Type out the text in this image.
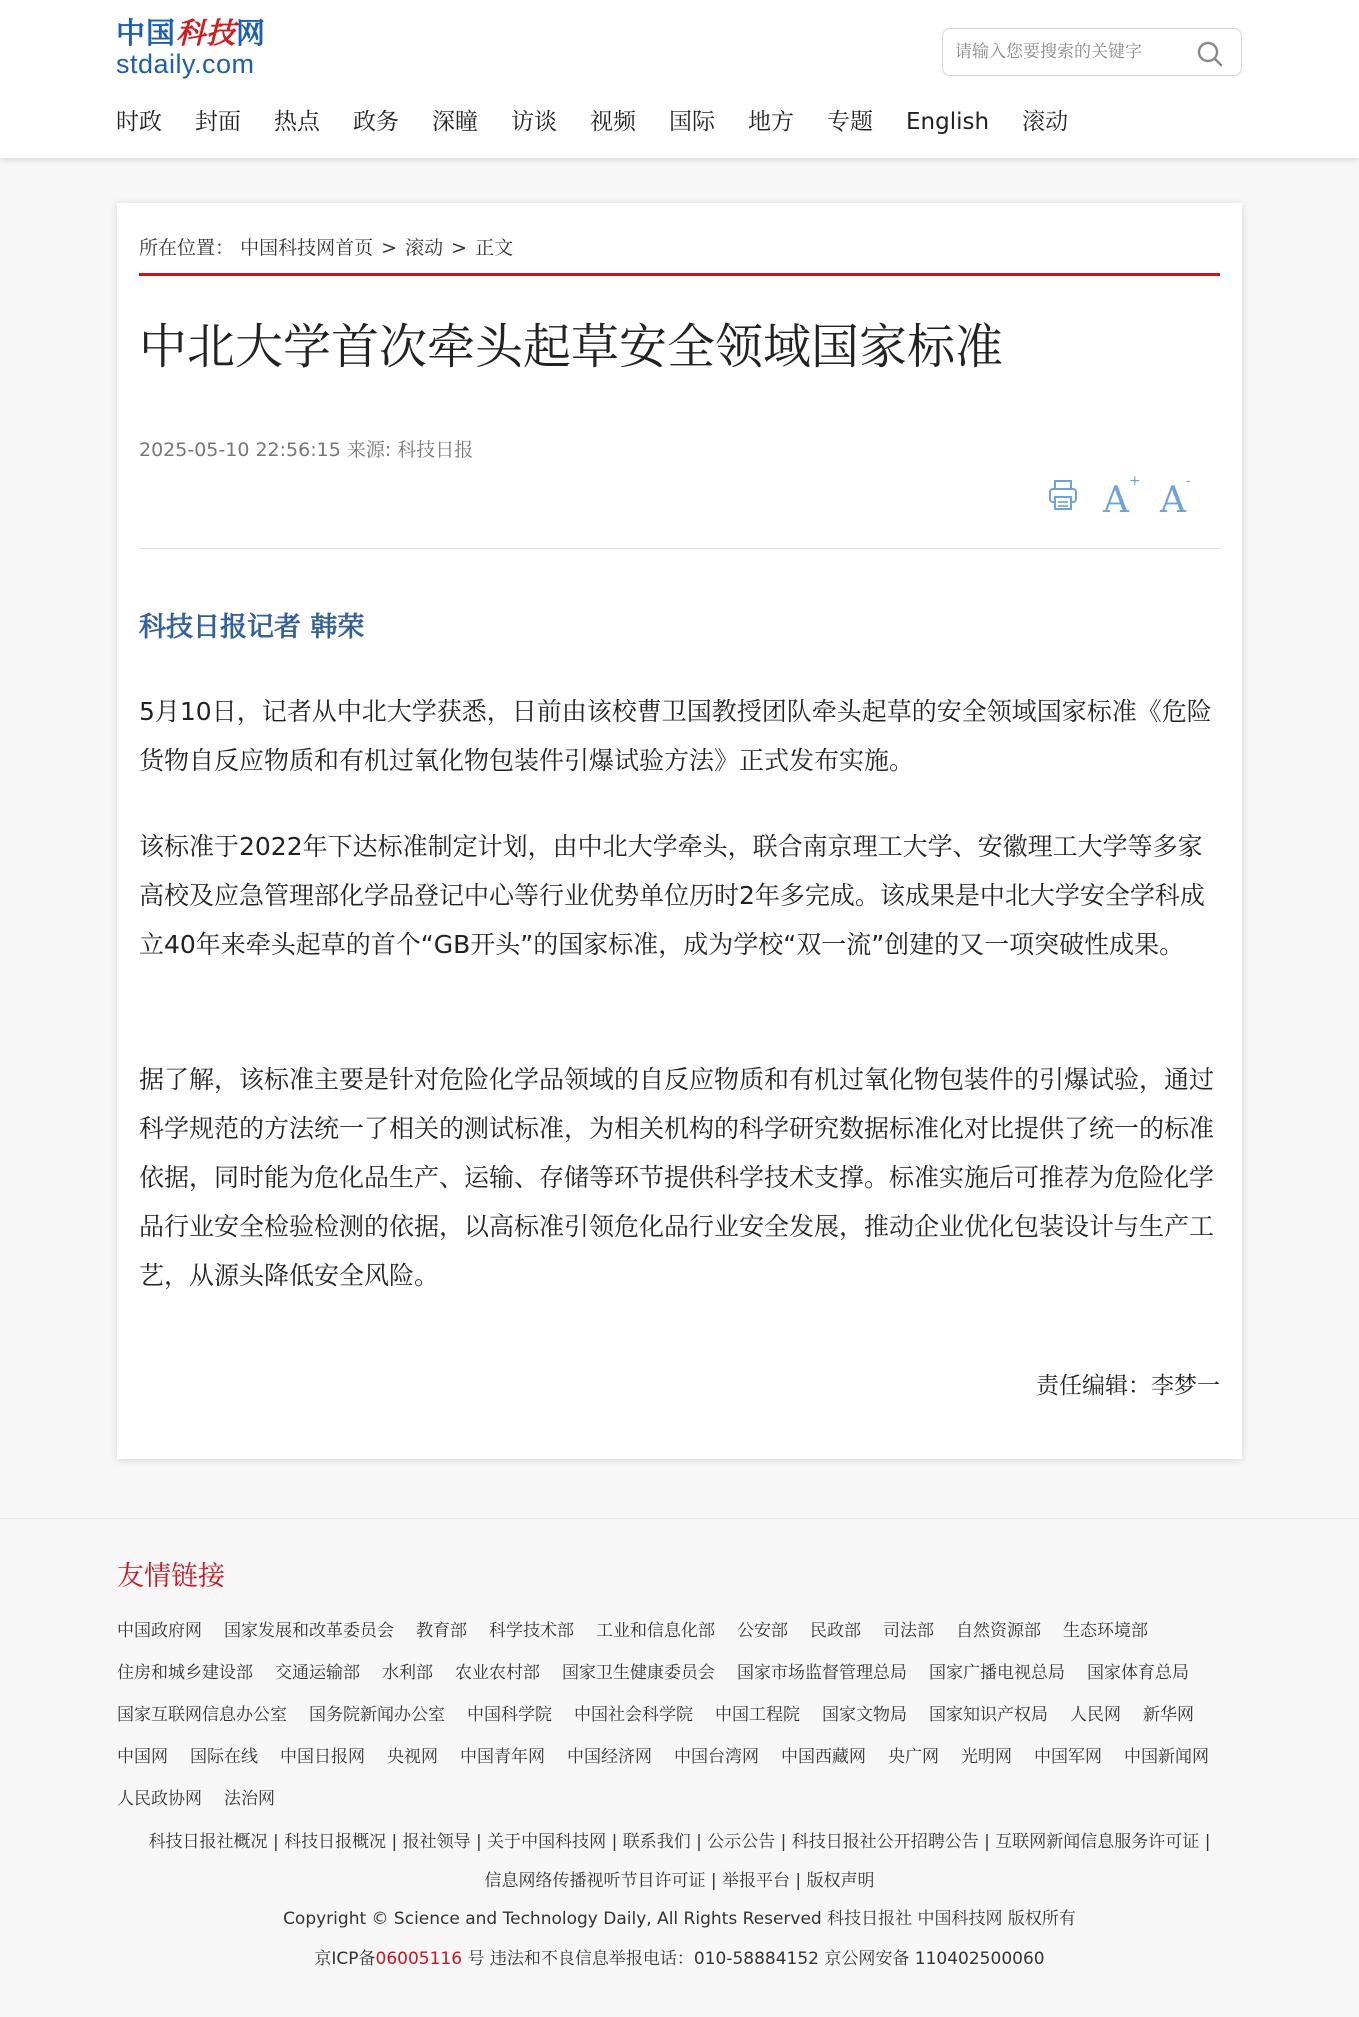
中国科技网
stdaily.com
请输入您要搜索的关键字
时政 封面 热点 政务 深瞳 访谈 视频 国际 地方 专题 English 滚动
所在位置： 中国科技网首页 > 滚动 > 正文
中北大学首次牵头起草安全领域国家标准
2025-05-10 22:56:15 来源: 科技日报
A+ A-
科技日报记者 韩荣

5月10日，记者从中北大学获悉，日前由该校曹卫国教授团队牵头起草的安全领域国家标准《危险货物自反应物质和有机过氧化物包装件引爆试验方法》正式发布实施。

该标准于2022年下达标准制定计划，由中北大学牵头，联合南京理工大学、安徽理工大学等多家高校及应急管理部化学品登记中心等行业优势单位历时2年多完成。该成果是中北大学安全学科成立40年来牵头起草的首个“GB开头”的国家标准，成为学校“双一流”创建的又一项突破性成果。

据了解，该标准主要是针对危险化学品领域的自反应物质和有机过氧化物包装件的引爆试验，通过科学规范的方法统一了相关的测试标准，为相关机构的科学研究数据标准化对比提供了统一的标准依据，同时能为危化品生产、运输、存储等环节提供科学技术支撑。标准实施后可推荐为危险化学品行业安全检验检测的依据，以高标准引领危化品行业安全发展，推动企业优化包装设计与生产工艺，从源头降低安全风险。

责任编辑：李梦一
友情链接
中国政府网 国家发展和改革委员会 教育部 科学技术部 工业和信息化部 公安部 民政部 司法部 自然资源部 生态环境部住房和城乡建设部 交通运输部 水利部 农业农村部 国家卫生健康委员会 国家市场监督管理总局 国家广播电视总局 国家体育总局国家互联网信息办公室 国务院新闻办公室 中国科学院 中国社会科学院 中国工程院 国家文物局 国家知识产权局 人民网 新华网中国网 国际在线 中国日报网 央视网 中国青年网 中国经济网 中国台湾网 中国西藏网 央广网 光明网 中国军网 中国新闻网人民政协网 法治网
科技日报社概况 | 科技日报概况 | 报社领导 | 关于中国科技网 | 联系我们 | 公示公告 | 科技日报社公开招聘公告 | 互联网新闻信息服务许可证 |
信息网络传播视听节目许可证 | 举报平台 | 版权声明
Copyright © Science and Technology Daily, All Rights Reserved 科技日报社 中国科技网 版权所有
京ICP备06005116 号 违法和不良信息举报电话：010-58884152 京公网安备 110402500060
